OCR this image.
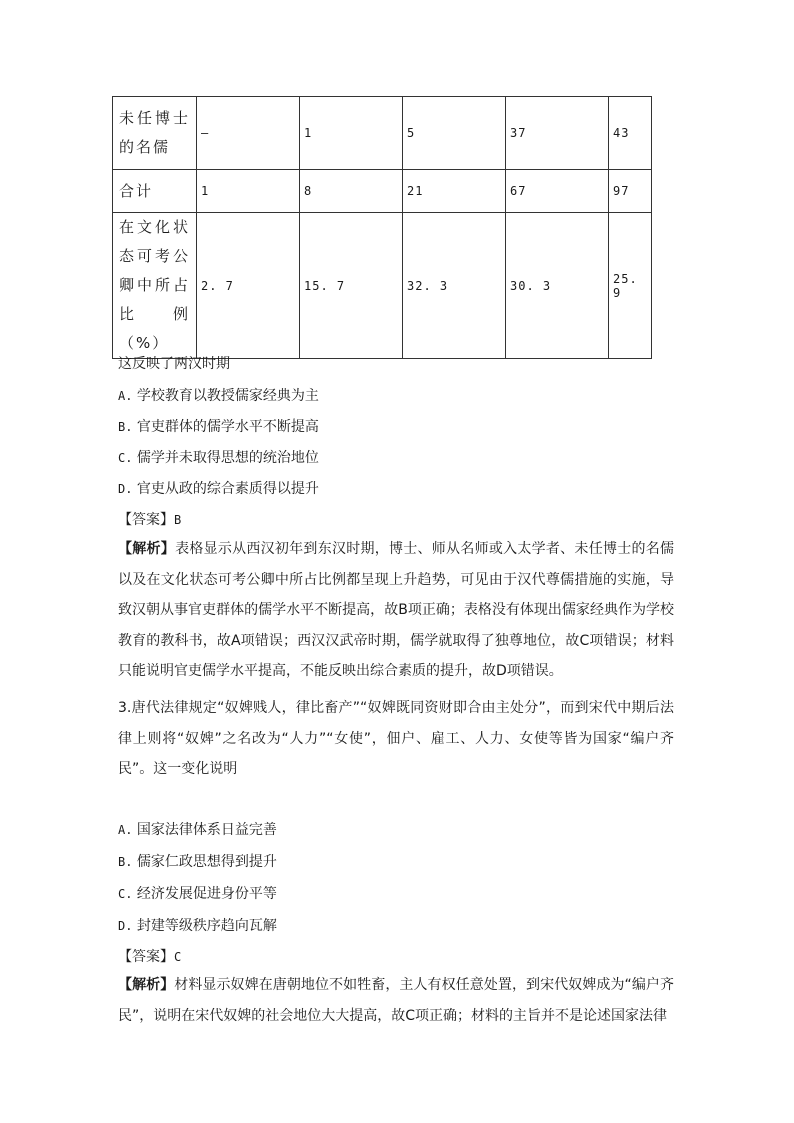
未任博士的名儒	—	1	5	37	43
合计	1	8	21	67	97
在文化状态可考公卿中所占比例（%）	2. 7	15. 7	32. 3	30. 3	25. 9
这反映了两汉时期
A. 学校教育以教授儒家经典为主
B. 官吏群体的儒学水平不断提高
C. 儒学并未取得思想的统治地位
D. 官吏从政的综合素质得以提升
【答案】B

【解析】表格显示从西汉初年到东汉时期，博士、师从名师或入太学者、未任博士的名儒以及在文化状态可考公卿中所占比例都呈现上升趋势，可见由于汉代尊儒措施的实施，导致汉朝从事官吏群体的儒学水平不断提高，故B项正确；表格没有体现出儒家经典作为学校教育的教科书，故A项错误；西汉汉武帝时期，儒学就取得了独尊地位，故C项错误；材料只能说明官吏儒学水平提高，不能反映出综合素质的提升，故D项错误。

3.唐代法律规定“奴婢贱人，律比畜产”“奴婢既同资财即合由主处分”，而到宋代中期后法律上则将“奴婢”之名改为“人力”“女使”，佃户、雇工、人力、女使等皆为国家“编户齐民”。这一变化说明

A. 国家法律体系日益完善
B. 儒家仁政思想得到提升
C. 经济发展促进身份平等
D. 封建等级秩序趋向瓦解
【答案】C

【解析】材料显示奴婢在唐朝地位不如牲畜，主人有权任意处置，到宋代奴婢成为“编户齐民”，说明在宋代奴婢的社会地位大大提高，故C项正确；材料的主旨并不是论述国家法律
